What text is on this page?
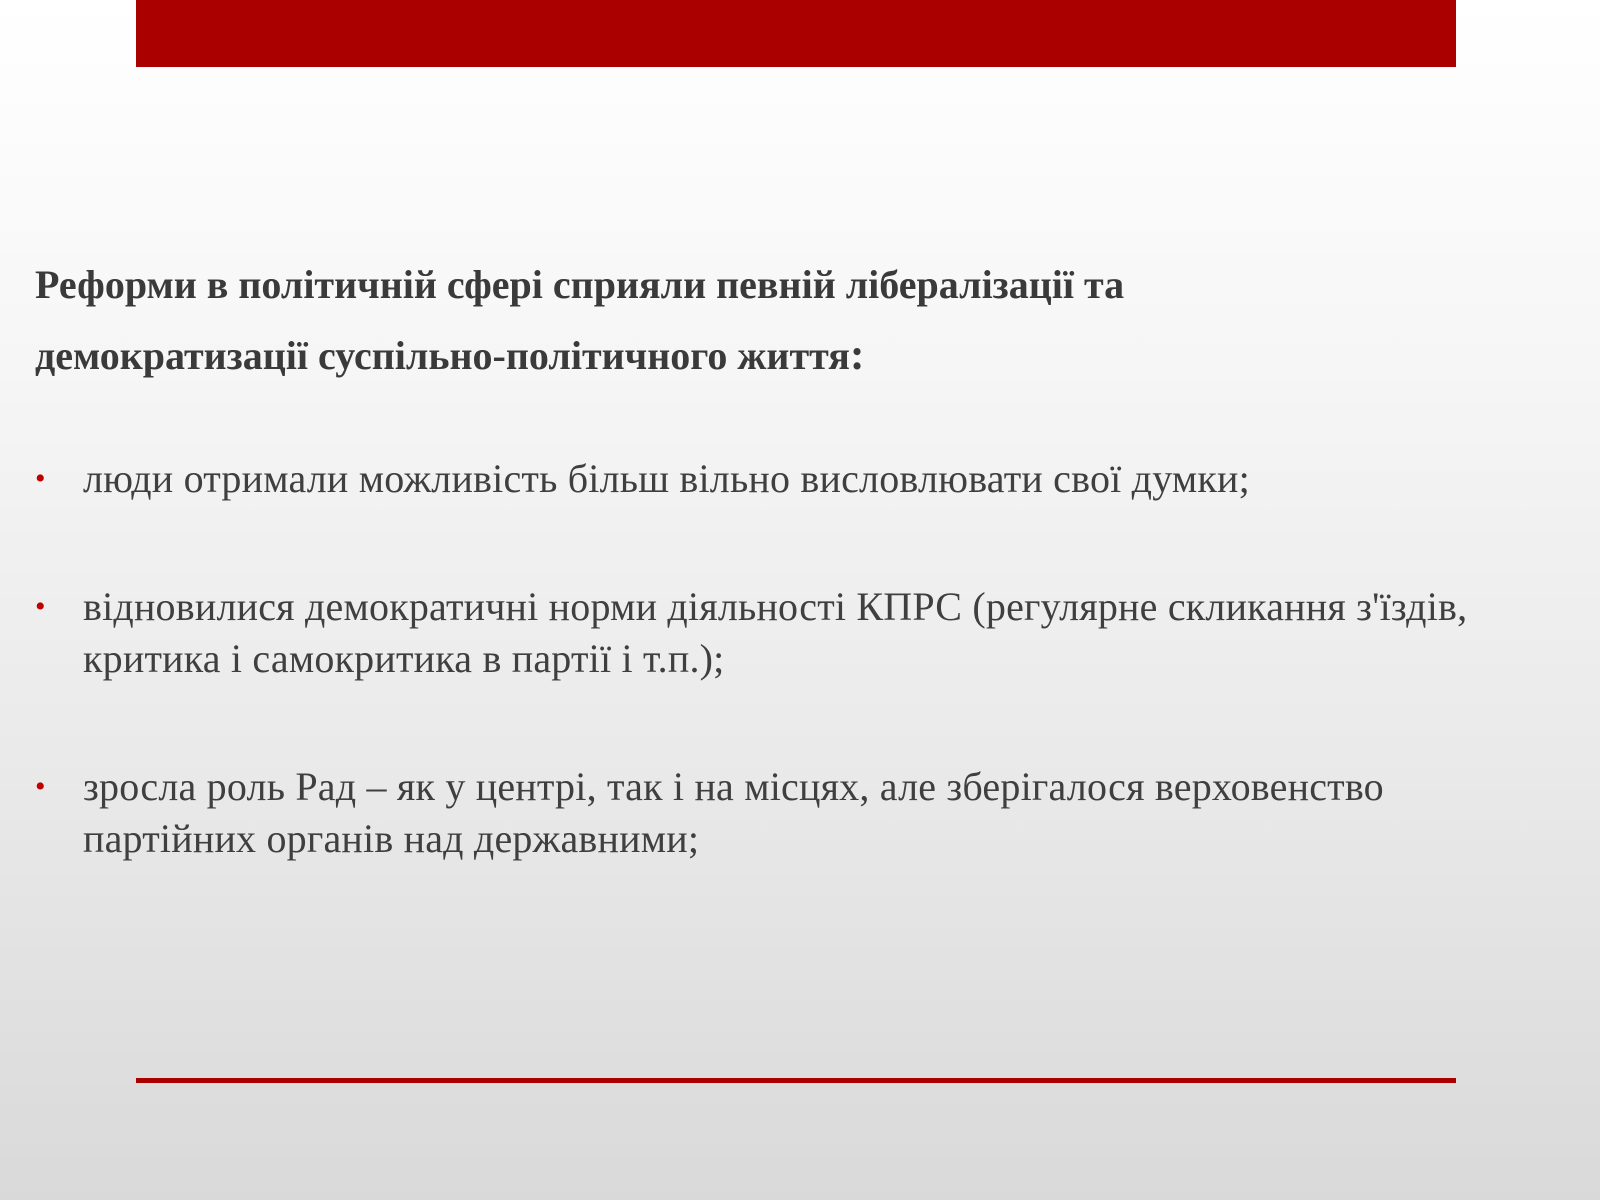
Реформи в політичній сфері сприяли певній лібералізації та
демократизації суспільно-політичного життя:

• люди отримали можливість більш вільно висловлювати свої думки;
• відновилися демократичні норми діяльності КПРС (регулярне скликання з'їздів, критика і самокритика в партії і т.п.);
• зросла роль Рад – як у центрі, так і на місцях, але зберігалося верховенство партійних органів над державними;
